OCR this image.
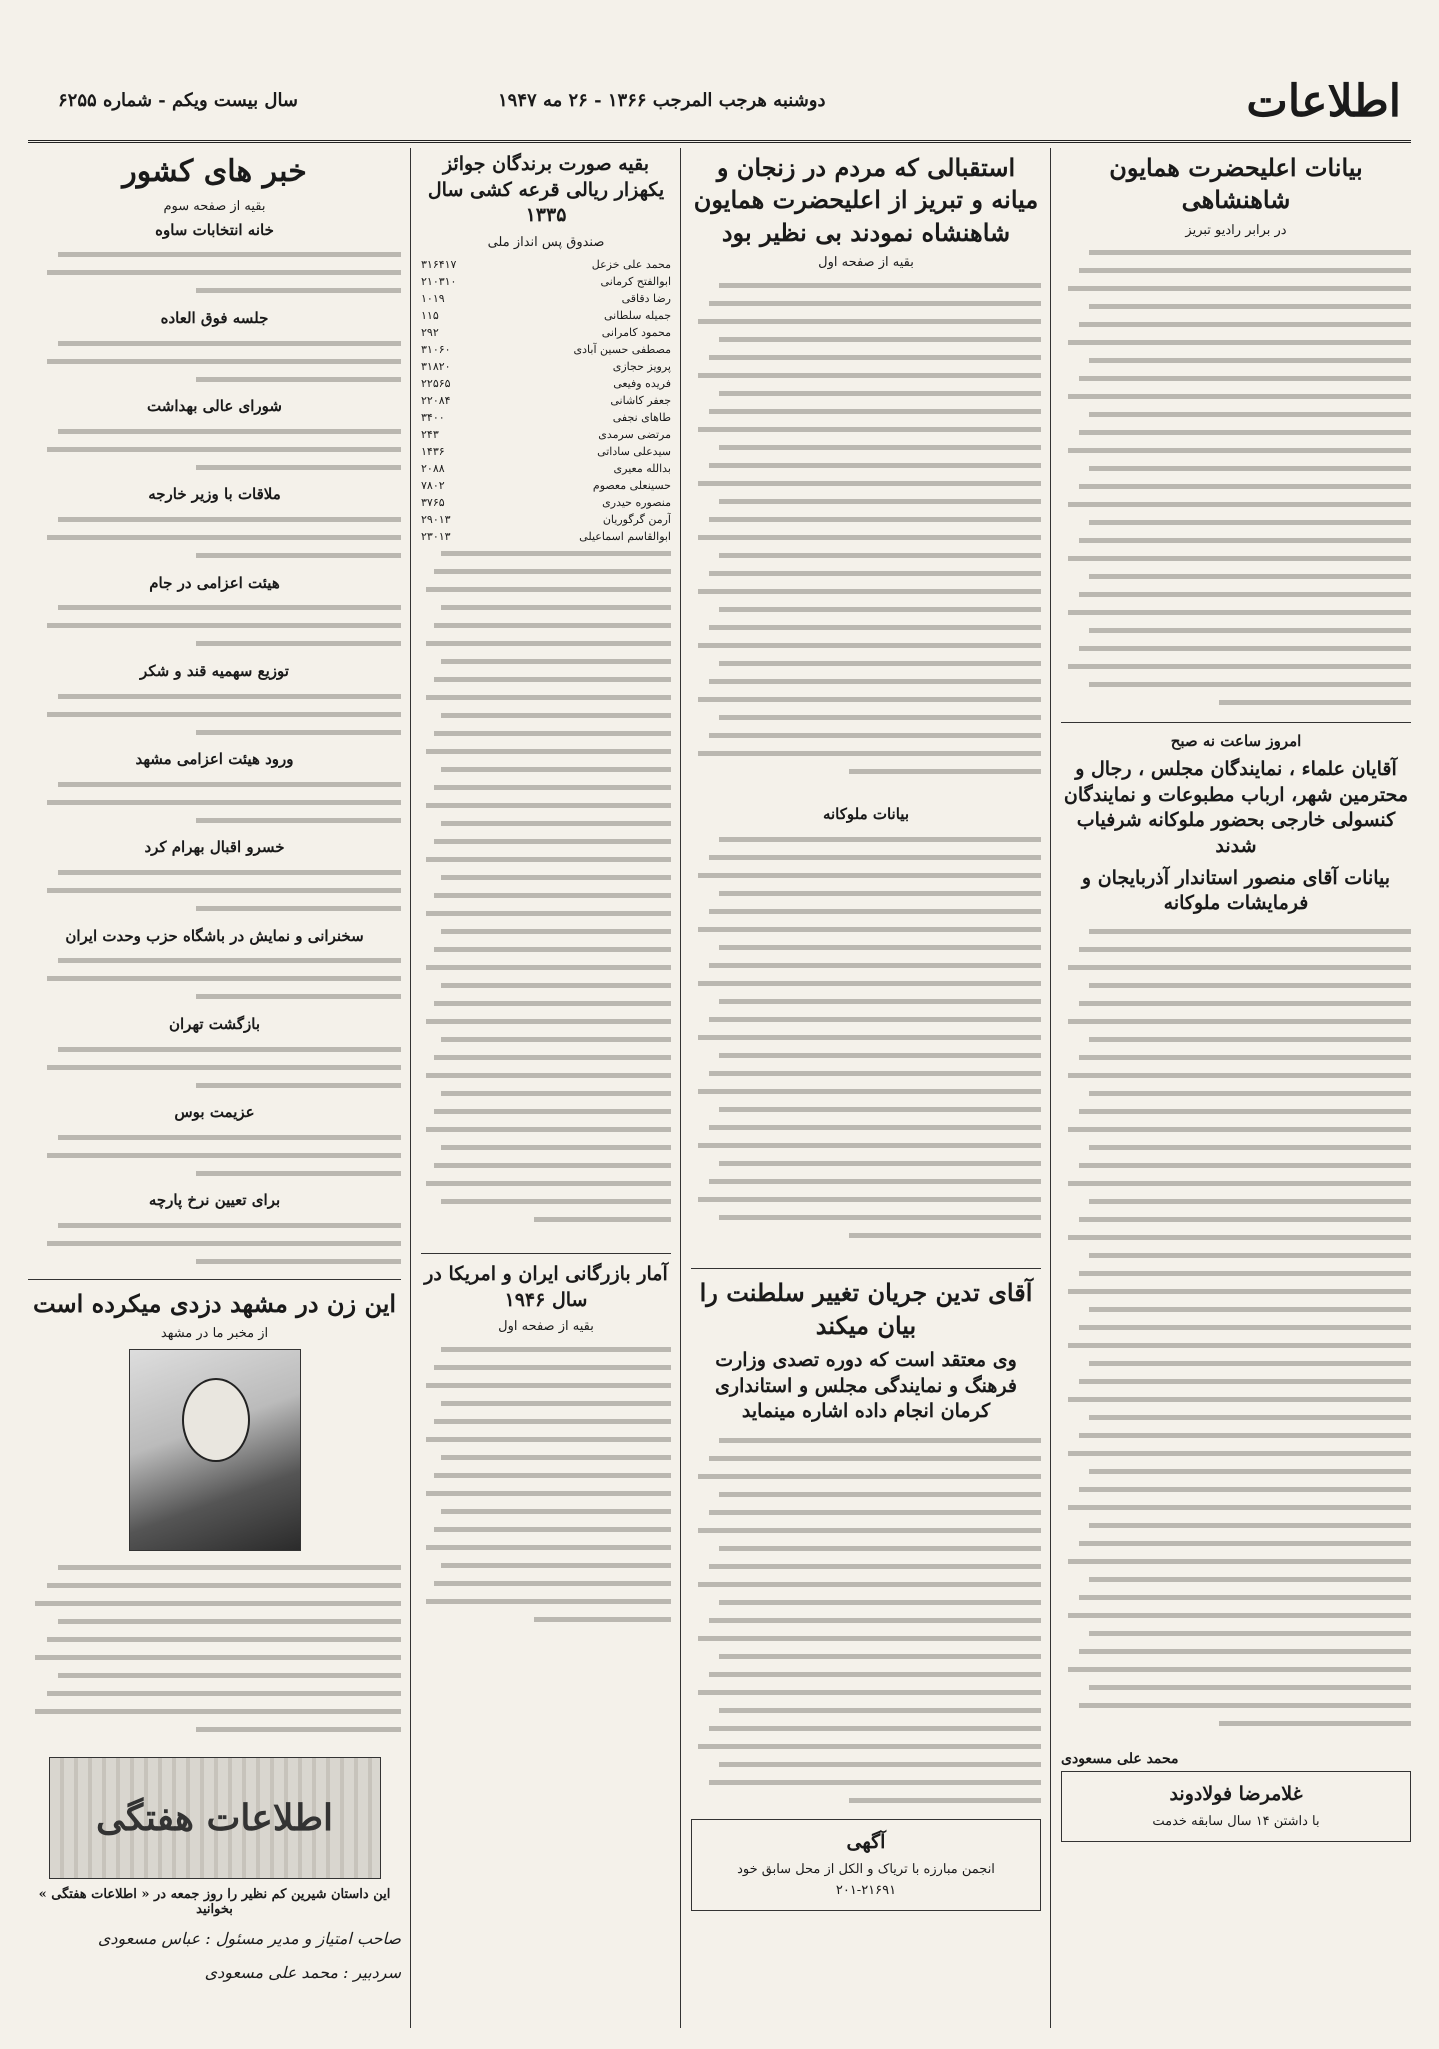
اطلاعات
دوشنبه هرجب المرجب ۱۳۶۶ - ۲۶ مه ۱۹۴۷
سال بیست ویکم - شماره ۶۲۵۵
بیانات اعلیحضرت همایون شاهنشاهی
در برابر رادیو تبریز
امروز ساعت نه صبح
آقایان علماء ، نمایندگان مجلس ، رجال و محترمین شهر، ارباب مطبوعات و نمایندگان کنسولی خارجی بحضور ملوکانه شرفیاب شدند
بیانات آقای منصور استاندار آذربایجان و فرمایشات ملوکانه
محمد علی مسعودی
غلامرضا فولادوند
با داشتن ۱۴ سال سابقه خدمت
استقبالی که مردم در زنجان و میانه و تبریز از اعلیحضرت همایون شاهنشاه نمودند بی نظیر بود
بقیه از صفحه اول
بیانات ملوکانه
آقای تدین جریان تغییر سلطنت را بیان میکند
وی معتقد است که دوره تصدی وزارت فرهنگ و نمایندگی مجلس و استانداری کرمان انجام داده اشاره مینماید
آگهی
انجمن مبارزه با تریاک و الکل از محل سابق خود
۲۰۱-۲۱۶۹۱
بقیه صورت برندگان جوائز یکهزار ریالی قرعه کشی سال ۱۳۳۵
صندوق پس انداز ملی
محمد علی خزعل
۳۱۶۴۱۷
ابوالفتح کرمانی
۲۱۰۳۱۰
رضا دقاقی
۱۰۱۹
جمیله سلطانی
۱۱۵
محمود کامرانی
۲۹۲
مصطفی حسین آبادی
۳۱۰۶۰
پرویز حجازی
۳۱۸۲۰
فریده وفیعی
۲۲۵۶۵
جعفر کاشانی
۲۲۰۸۴
طاهای نجفی
۳۴۰۰
مرتضی سرمدی
۲۴۳
سیدعلی ساداتی
۱۴۳۶
بدالله معیری
۲۰۸۸
حسینعلی معصوم
۷۸۰۲
منصوره حیدری
۳۷۶۵
آرمن گرگوریان
۲۹۰۱۳
ابوالقاسم اسماعیلی
۲۳۰۱۳
آمار بازرگانی ایران و امریکا در سال ۱۹۴۶
بقیه از صفحه اول
خبر های کشور
بقیه از صفحه سوم
خانه انتخابات ساوه
جلسه فوق العاده
شورای عالی بهداشت
ملاقات با وزیر خارجه
هیئت اعزامی در جام
توزیع سهمیه قند و شکر
ورود هیئت اعزامی مشهد
خسرو اقبال بهرام کرد
سخنرانی و نمایش در باشگاه حزب وحدت ایران
بازگشت تهران
عزیمت بوس
برای تعیین نرخ پارچه
این زن در مشهد دزدی میکرده است
از مخبر ما در مشهد
اطلاعات هفتگی
این داستان شیرین کم نظیر را روز جمعه در « اطلاعات هفتگی » بخوانید
صاحب امتیاز و مدیر مسئول : عباس مسعودی
سردبیر : محمد علی مسعودی
